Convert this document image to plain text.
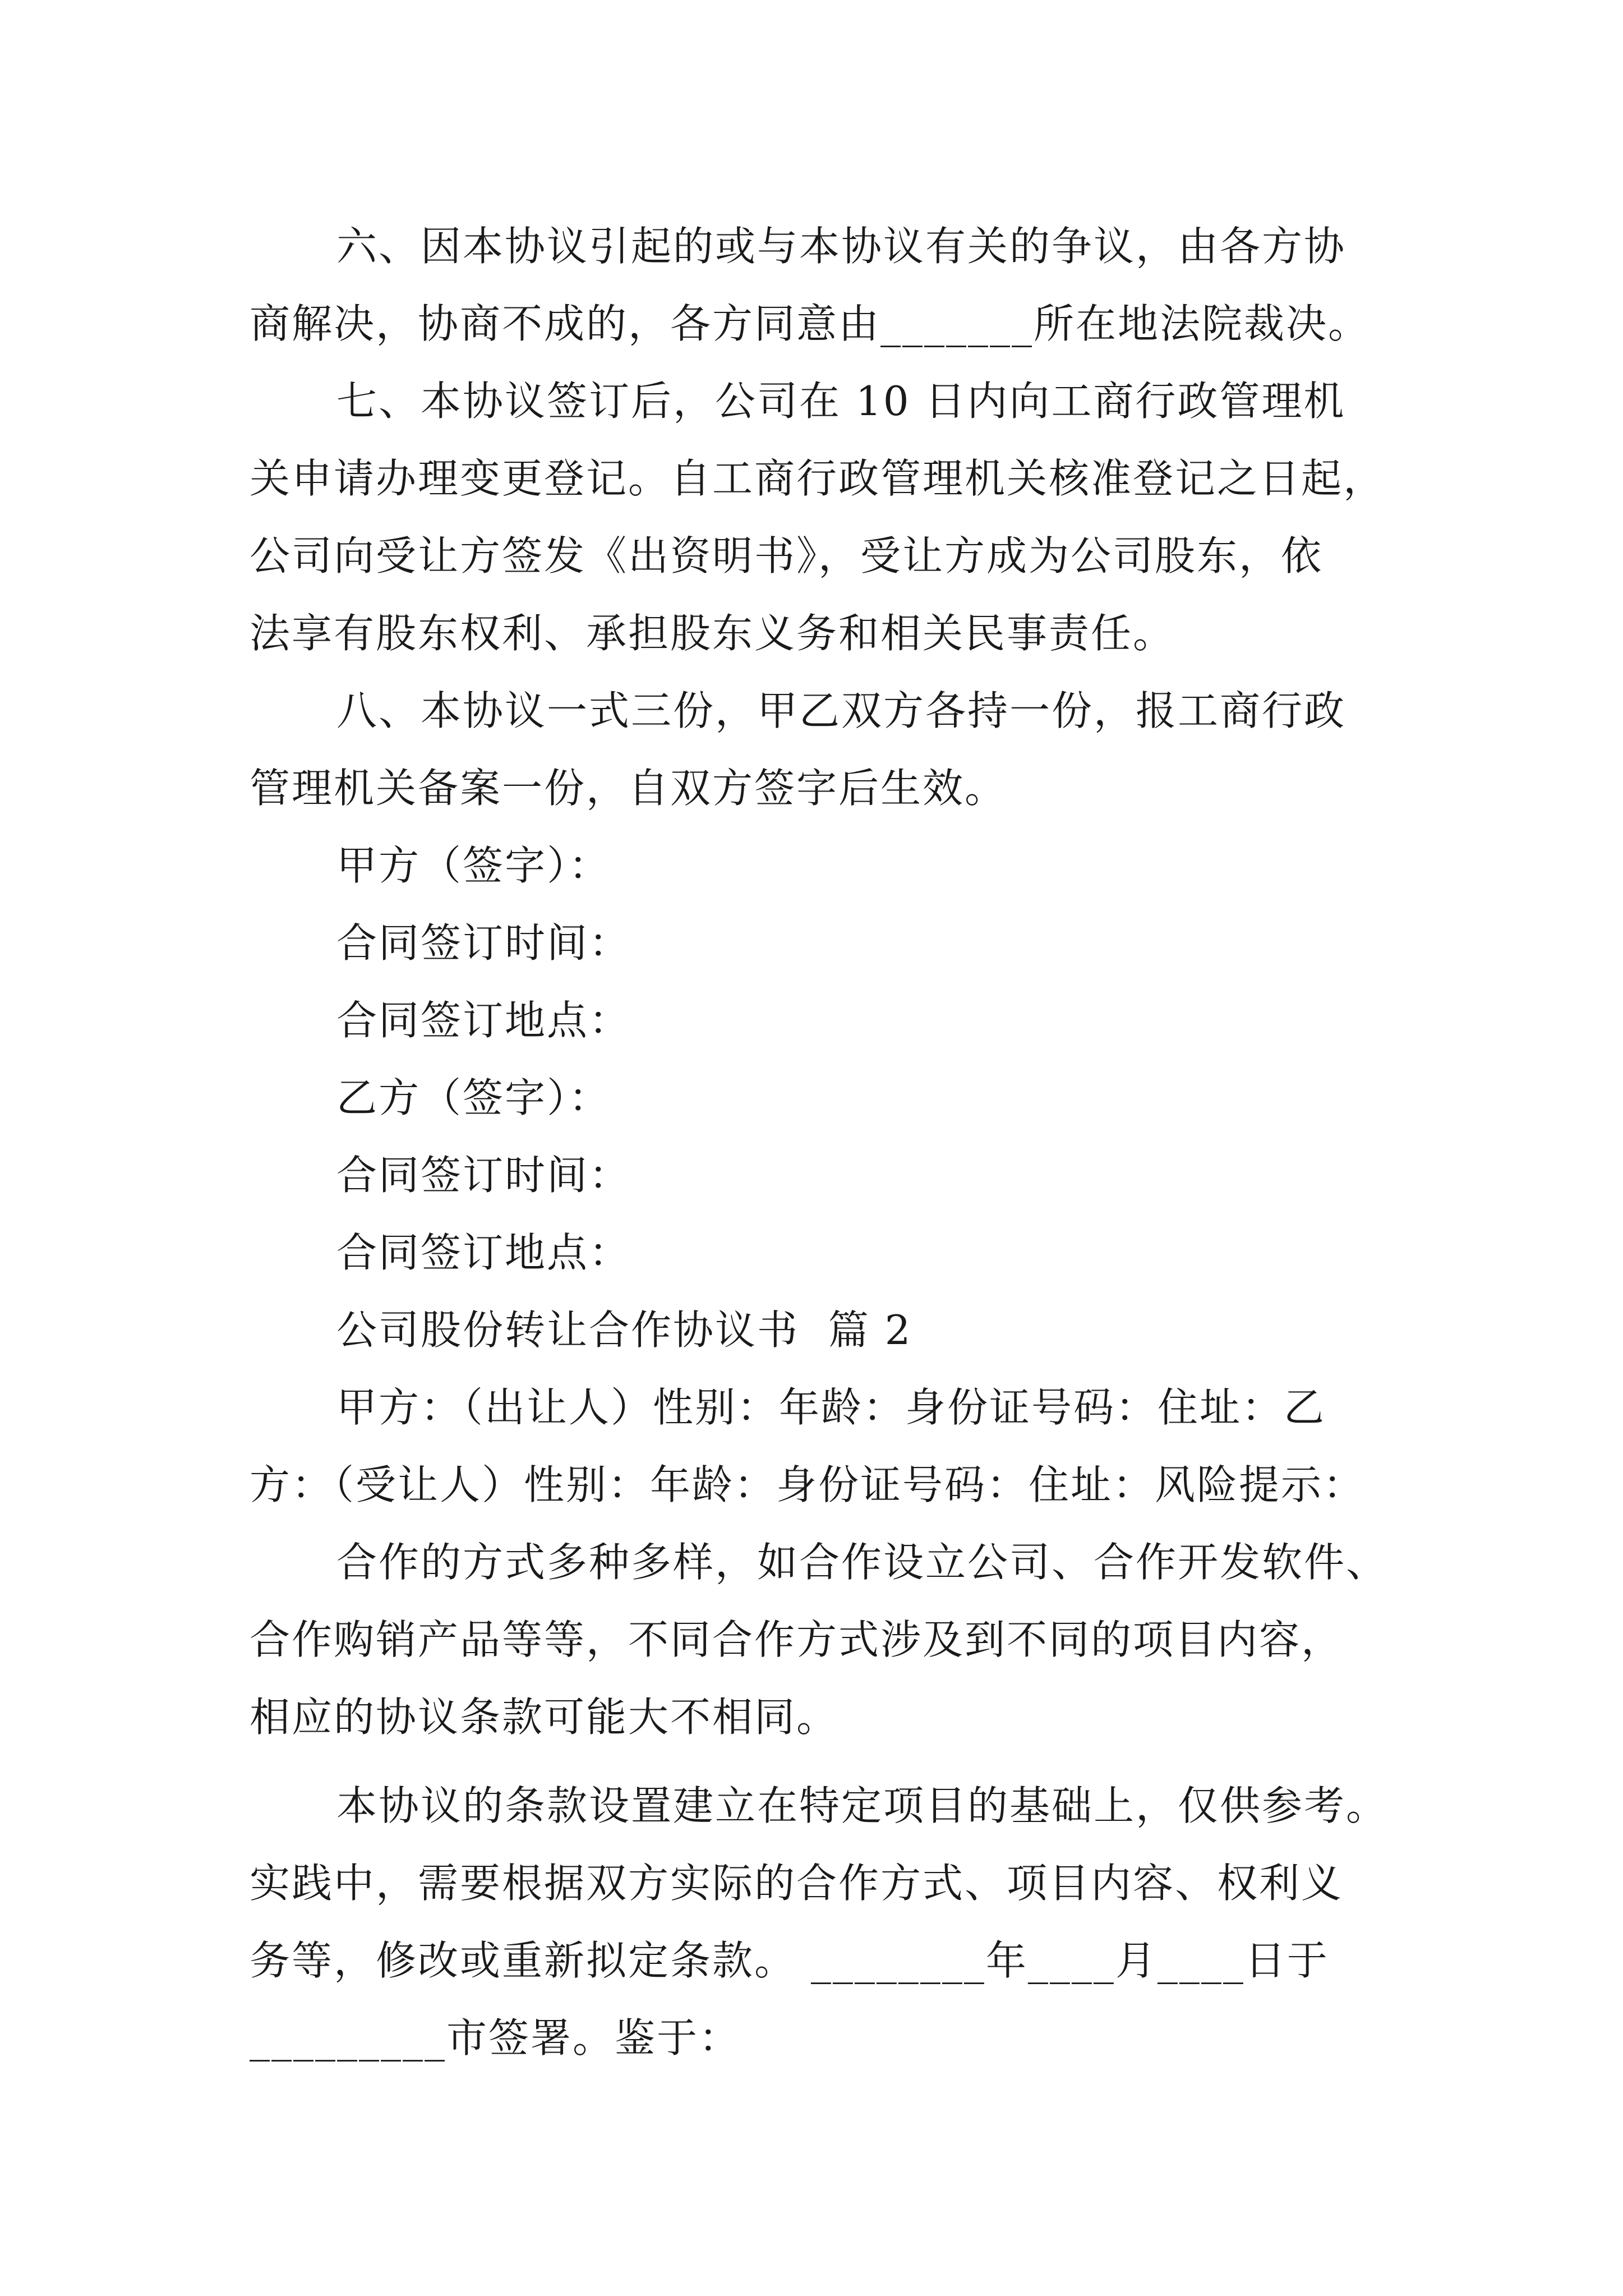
六、因本协议引起的或与本协议有关的争议，由各方协
商解决，协商不成的，各方同意由_______所在地法院裁决。
七、本协议签订后，公司在 10 日内向工商行政管理机
关申请办理变更登记。自工商行政管理机关核准登记之日起，
公司向受让方签发《出资明书》，受让方成为公司股东，依
法享有股东权利、承担股东义务和相关民事责任。
八、本协议一式三份，甲乙双方各持一份，报工商行政
管理机关备案一份，自双方签字后生效。
甲方（签字）：
合同签订时间：
合同签订地点：
乙方（签字）：
合同签订时间：
合同签订地点：
公司股份转让合作协议书  篇 2
甲方：（出让人）性别：年龄：身份证号码：住址：乙
方：（受让人）性别：年龄：身份证号码：住址：风险提示：
合作的方式多种多样，如合作设立公司、合作开发软件、
合作购销产品等等，不同合作方式涉及到不同的项目内容，
相应的协议条款可能大不相同。
本协议的条款设置建立在特定项目的基础上，仅供参考。
实践中，需要根据双方实际的合作方式、项目内容、权利义
务等，修改或重新拟定条款。 ________年____月____日于
_________市签署。鉴于：
